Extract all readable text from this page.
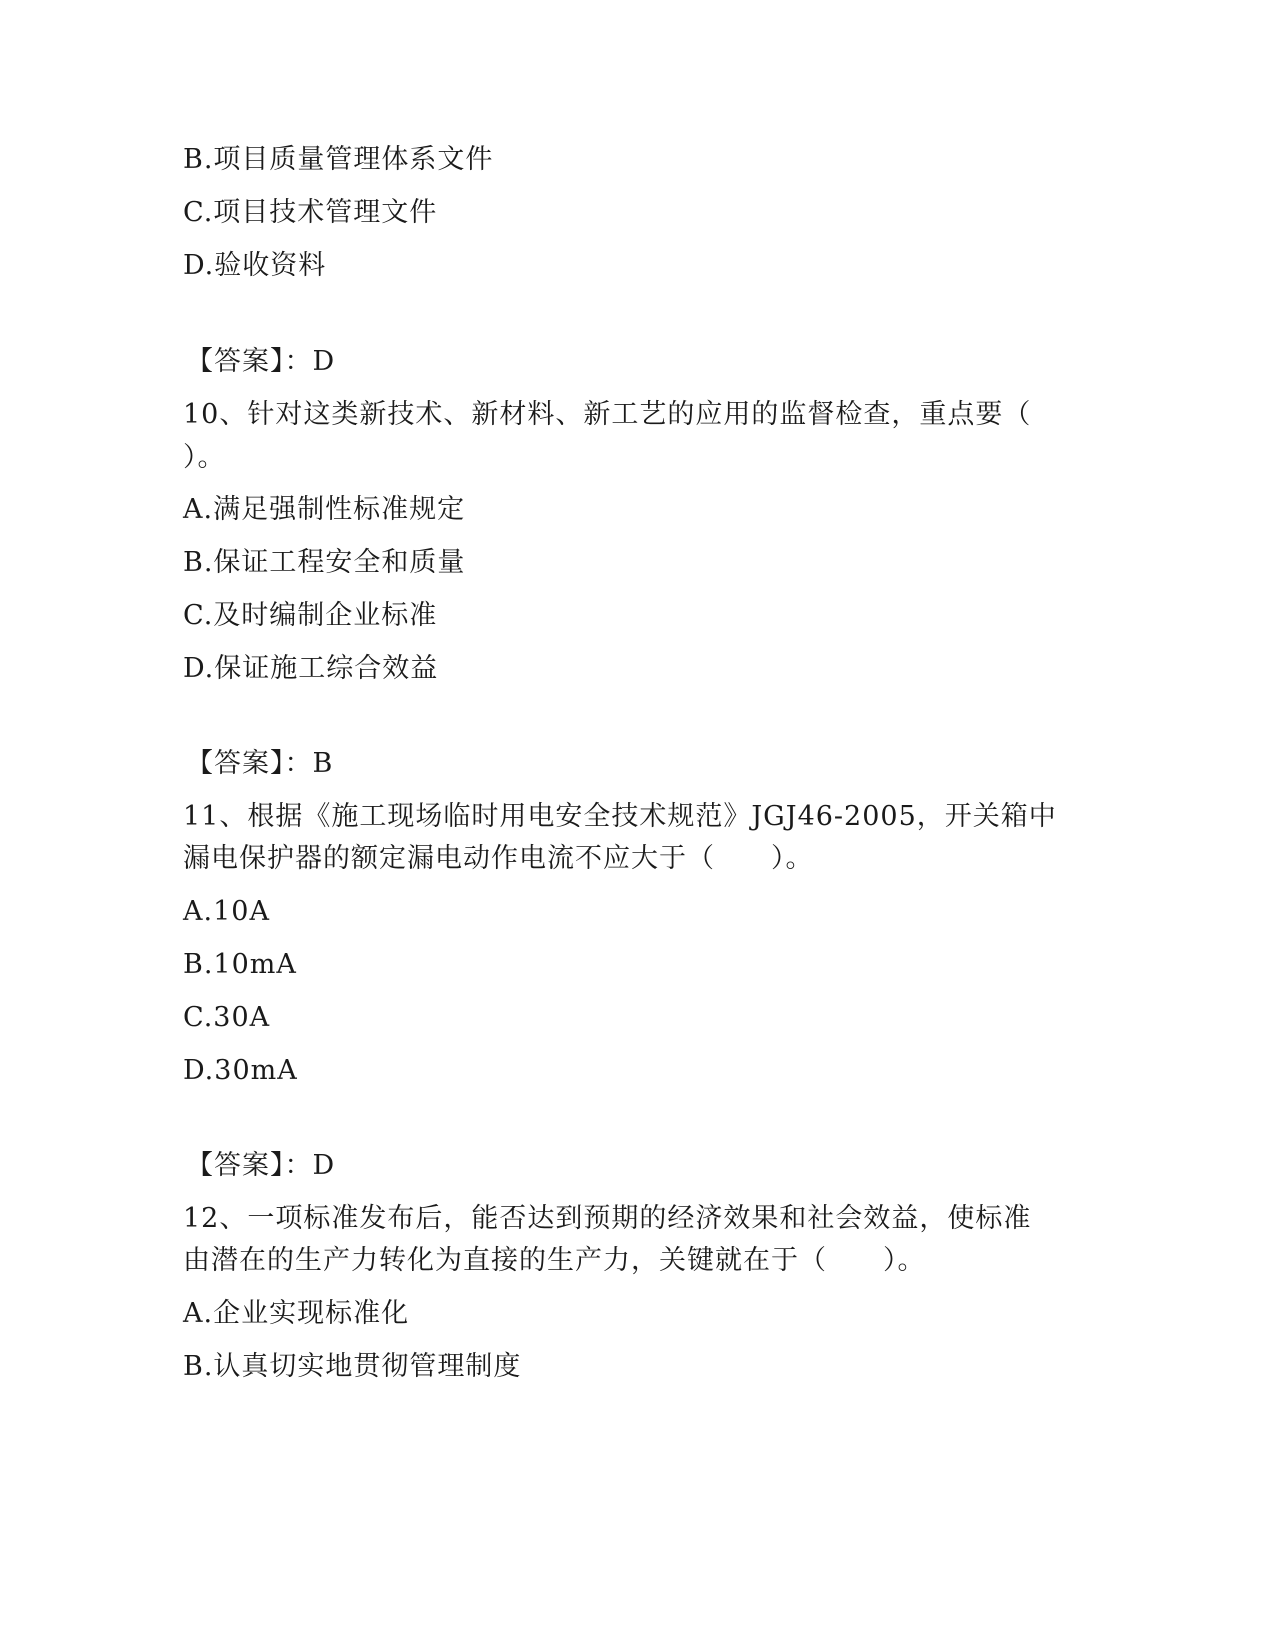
B.项目质量管理体系文件
C.项目技术管理文件
D.验收资料
【答案】：D
10、针对这类新技术、新材料、新工艺的应用的监督检查，重点要（
）。
A.满足强制性标准规定
B.保证工程安全和质量
C.及时编制企业标准
D.保证施工综合效益
【答案】：B
11、根据《施工现场临时用电安全技术规范》JGJ46-2005，开关箱中
漏电保护器的额定漏电动作电流不应大于（　　）。
A.10A
B.10mA
C.30A
D.30mA
【答案】：D
12、一项标准发布后，能否达到预期的经济效果和社会效益，使标准
由潜在的生产力转化为直接的生产力，关键就在于（　　）。
A.企业实现标准化
B.认真切实地贯彻管理制度
